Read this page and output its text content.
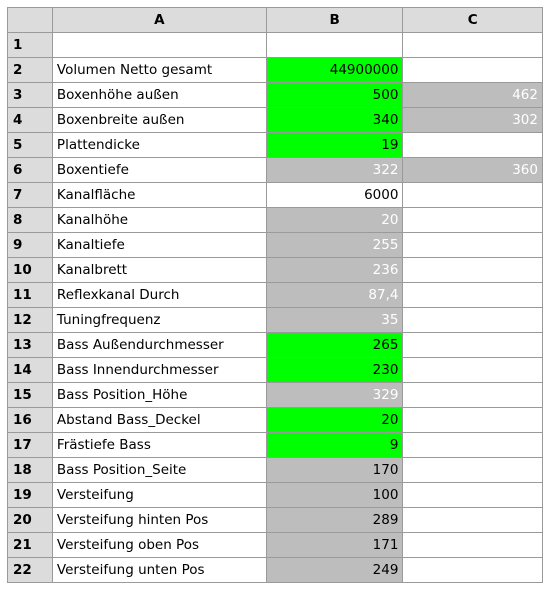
	A	B	C
1			
2	Volumen Netto gesamt	44900000	
3	Boxenhöhe außen	500	462
4	Boxenbreite außen	340	302
5	Plattendicke	19	
6	Boxentiefe	322	360
7	Kanalfläche	6000	
8	Kanalhöhe	20	
9	Kanaltiefe	255	
10	Kanalbrett	236	
11	Reflexkanal Durch	87,4	
12	Tuningfrequenz	35	
13	Bass Außendurchmesser	265	
14	Bass Innendurchmesser	230	
15	Bass Position_Höhe	329	
16	Abstand Bass_Deckel	20	
17	Frästiefe Bass	9	
18	Bass Position_Seite	170	
19	Versteifung	100	
20	Versteifung hinten Pos	289	
21	Versteifung oben Pos	171	
22	Versteifung unten Pos	249	
